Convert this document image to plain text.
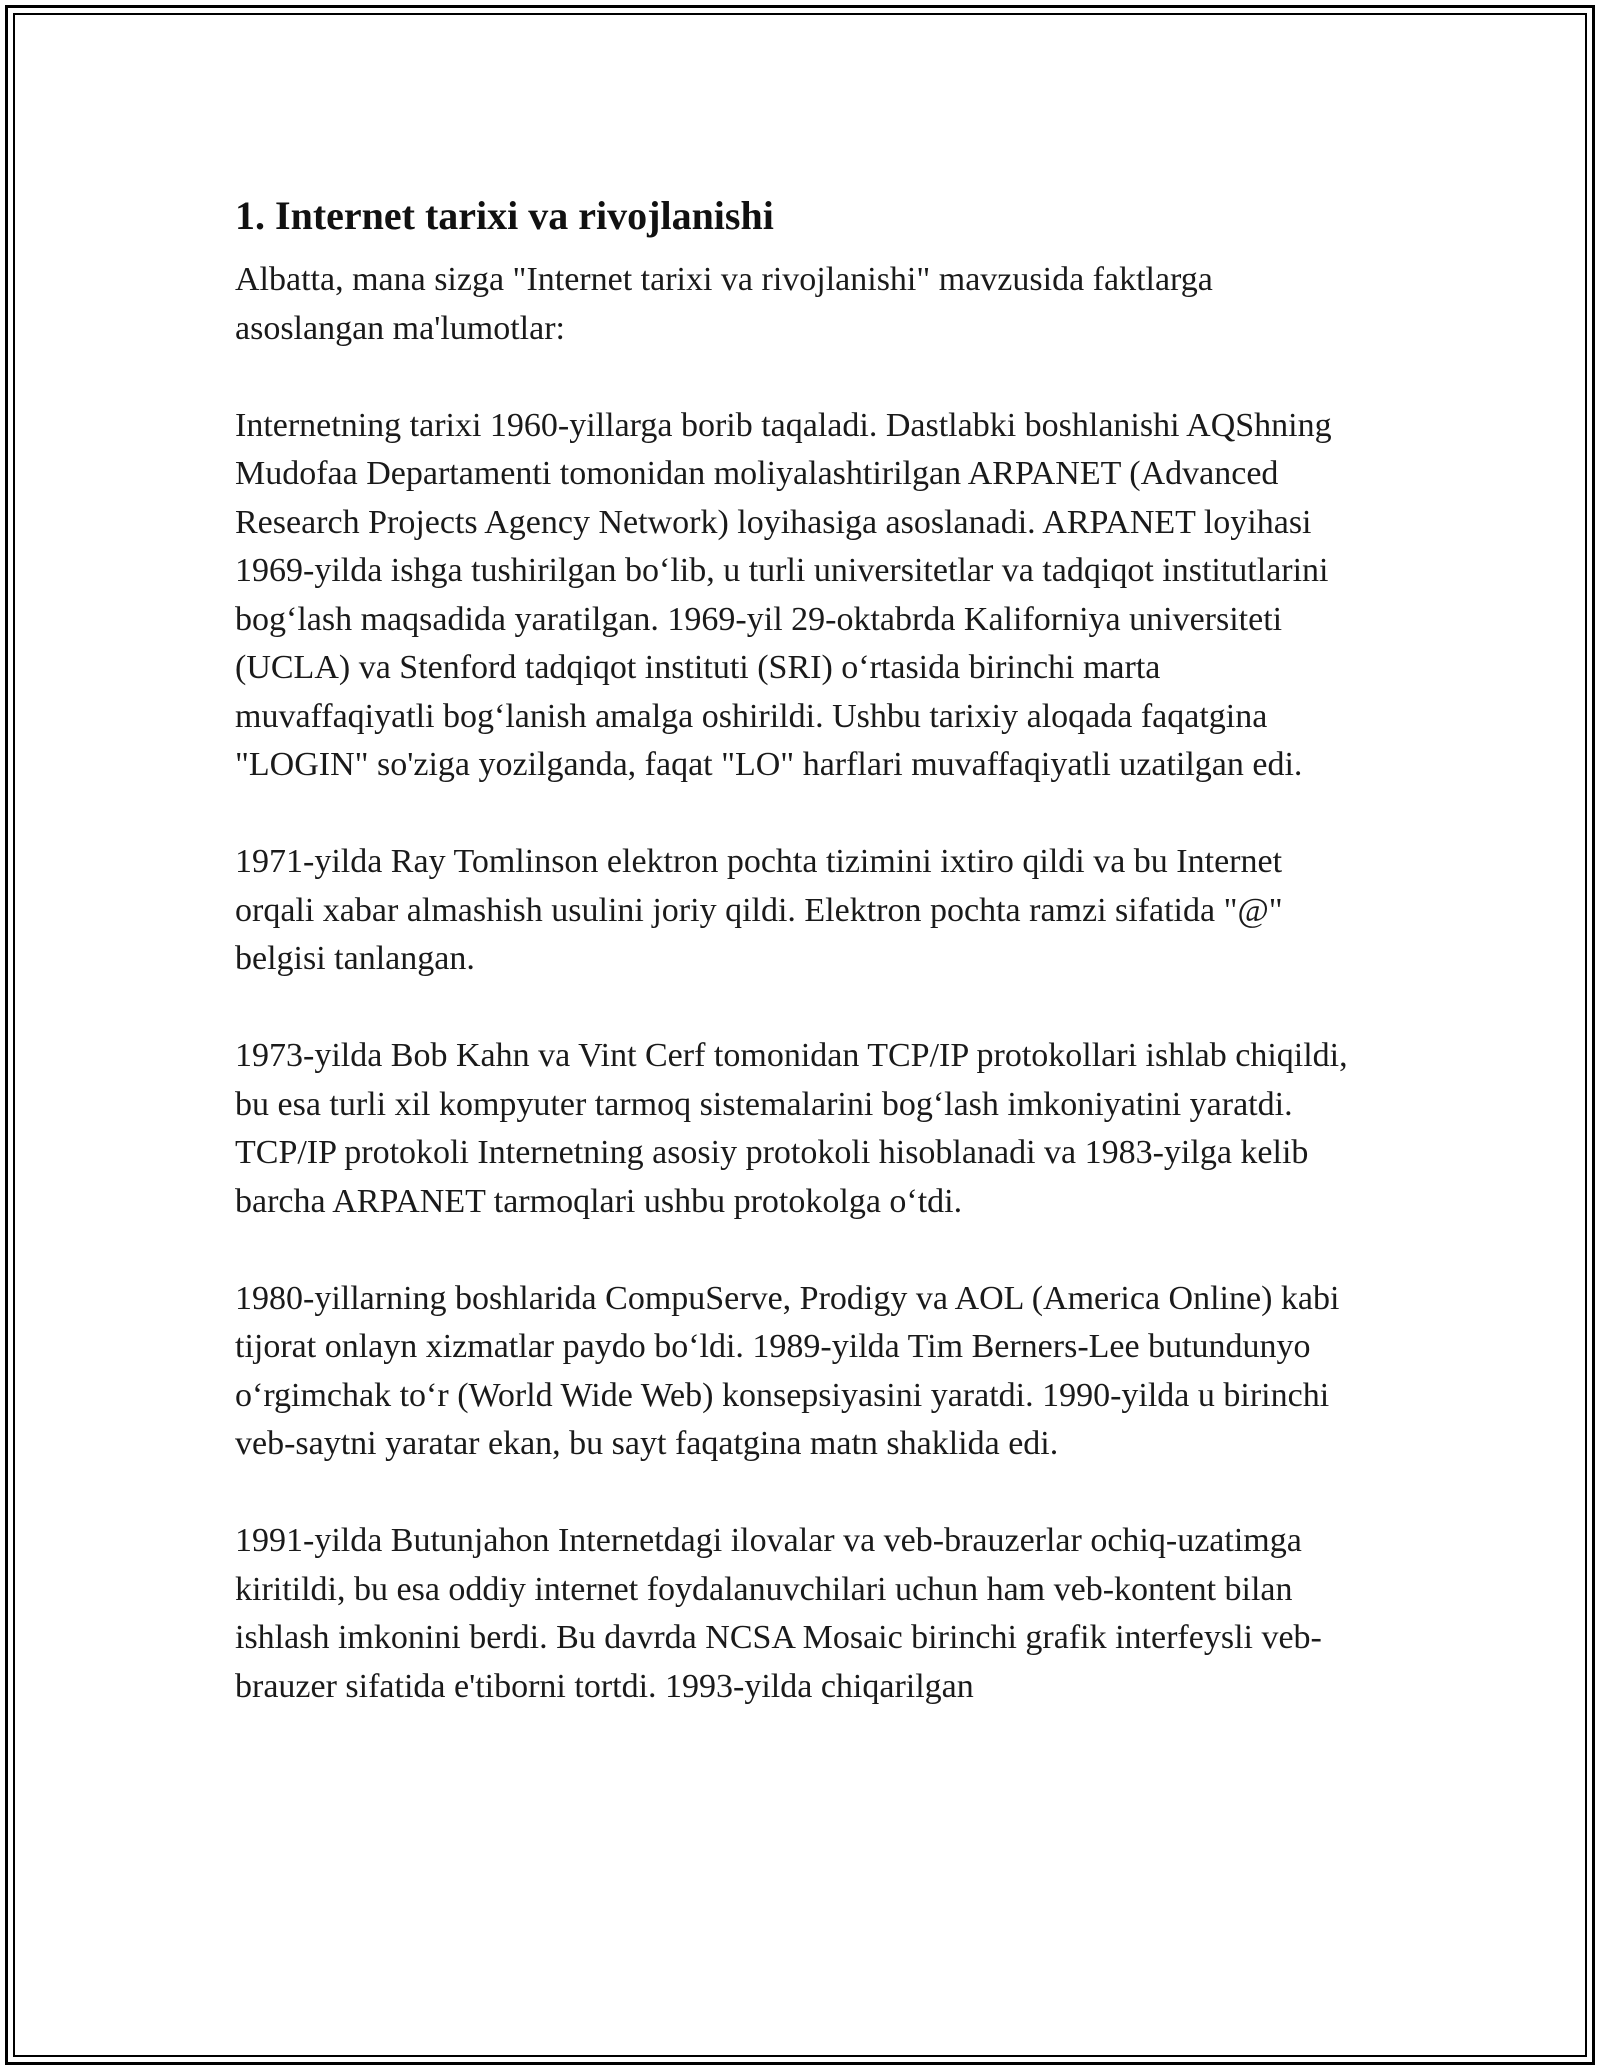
1. Internet tarixi va rivojlanishi

Albatta, mana sizga "Internet tarixi va rivojlanishi" mavzusida faktlarga asoslangan ma'lumotlar:

Internetning tarixi 1960-yillarga borib taqaladi. Dastlabki boshlanishi AQShning Mudofaa Departamenti tomonidan moliyalashtirilgan ARPANET (Advanced Research Projects Agency Network) loyihasiga asoslanadi. ARPANET loyihasi 1969-yilda ishga tushirilgan bo‘lib, u turli universitetlar va tadqiqot institutlarini bog‘lash maqsadida yaratilgan. 1969-yil 29-oktabrda Kaliforniya universiteti (UCLA) va Stenford tadqiqot instituti (SRI) o‘rtasida birinchi marta muvaffaqiyatli bog‘lanish amalga oshirildi. Ushbu tarixiy aloqada faqatgina "LOGIN" so'ziga yozilganda, faqat "LO" harflari muvaffaqiyatli uzatilgan edi.

1971-yilda Ray Tomlinson elektron pochta tizimini ixtiro qildi va bu Internet orqali xabar almashish usulini joriy qildi. Elektron pochta ramzi sifatida "@" belgisi tanlangan.

1973-yilda Bob Kahn va Vint Cerf tomonidan TCP/IP protokollari ishlab chiqildi, bu esa turli xil kompyuter tarmoq sistemalarini bog‘lash imkoniyatini yaratdi. TCP/IP protokoli Internetning asosiy protokoli hisoblanadi va 1983-yilga kelib barcha ARPANET tarmoqlari ushbu protokolga o‘tdi.

1980-yillarning boshlarida CompuServe, Prodigy va AOL (America Online) kabi tijorat onlayn xizmatlar paydo bo‘ldi. 1989-yilda Tim Berners-Lee butundunyo o‘rgimchak to‘r (World Wide Web) konsepsiyasini yaratdi. 1990-yilda u birinchi veb-saytni yaratar ekan, bu sayt faqatgina matn shaklida edi.

1991-yilda Butunjahon Internetdagi ilovalar va veb-brauzerlar ochiq-uzatimga kiritildi, bu esa oddiy internet foydalanuvchilari uchun ham veb-kontent bilan ishlash imkonini berdi. Bu davrda NCSA Mosaic birinchi grafik interfeysli veb-brauzer sifatida e'tiborni tortdi. 1993-yilda chiqarilgan
